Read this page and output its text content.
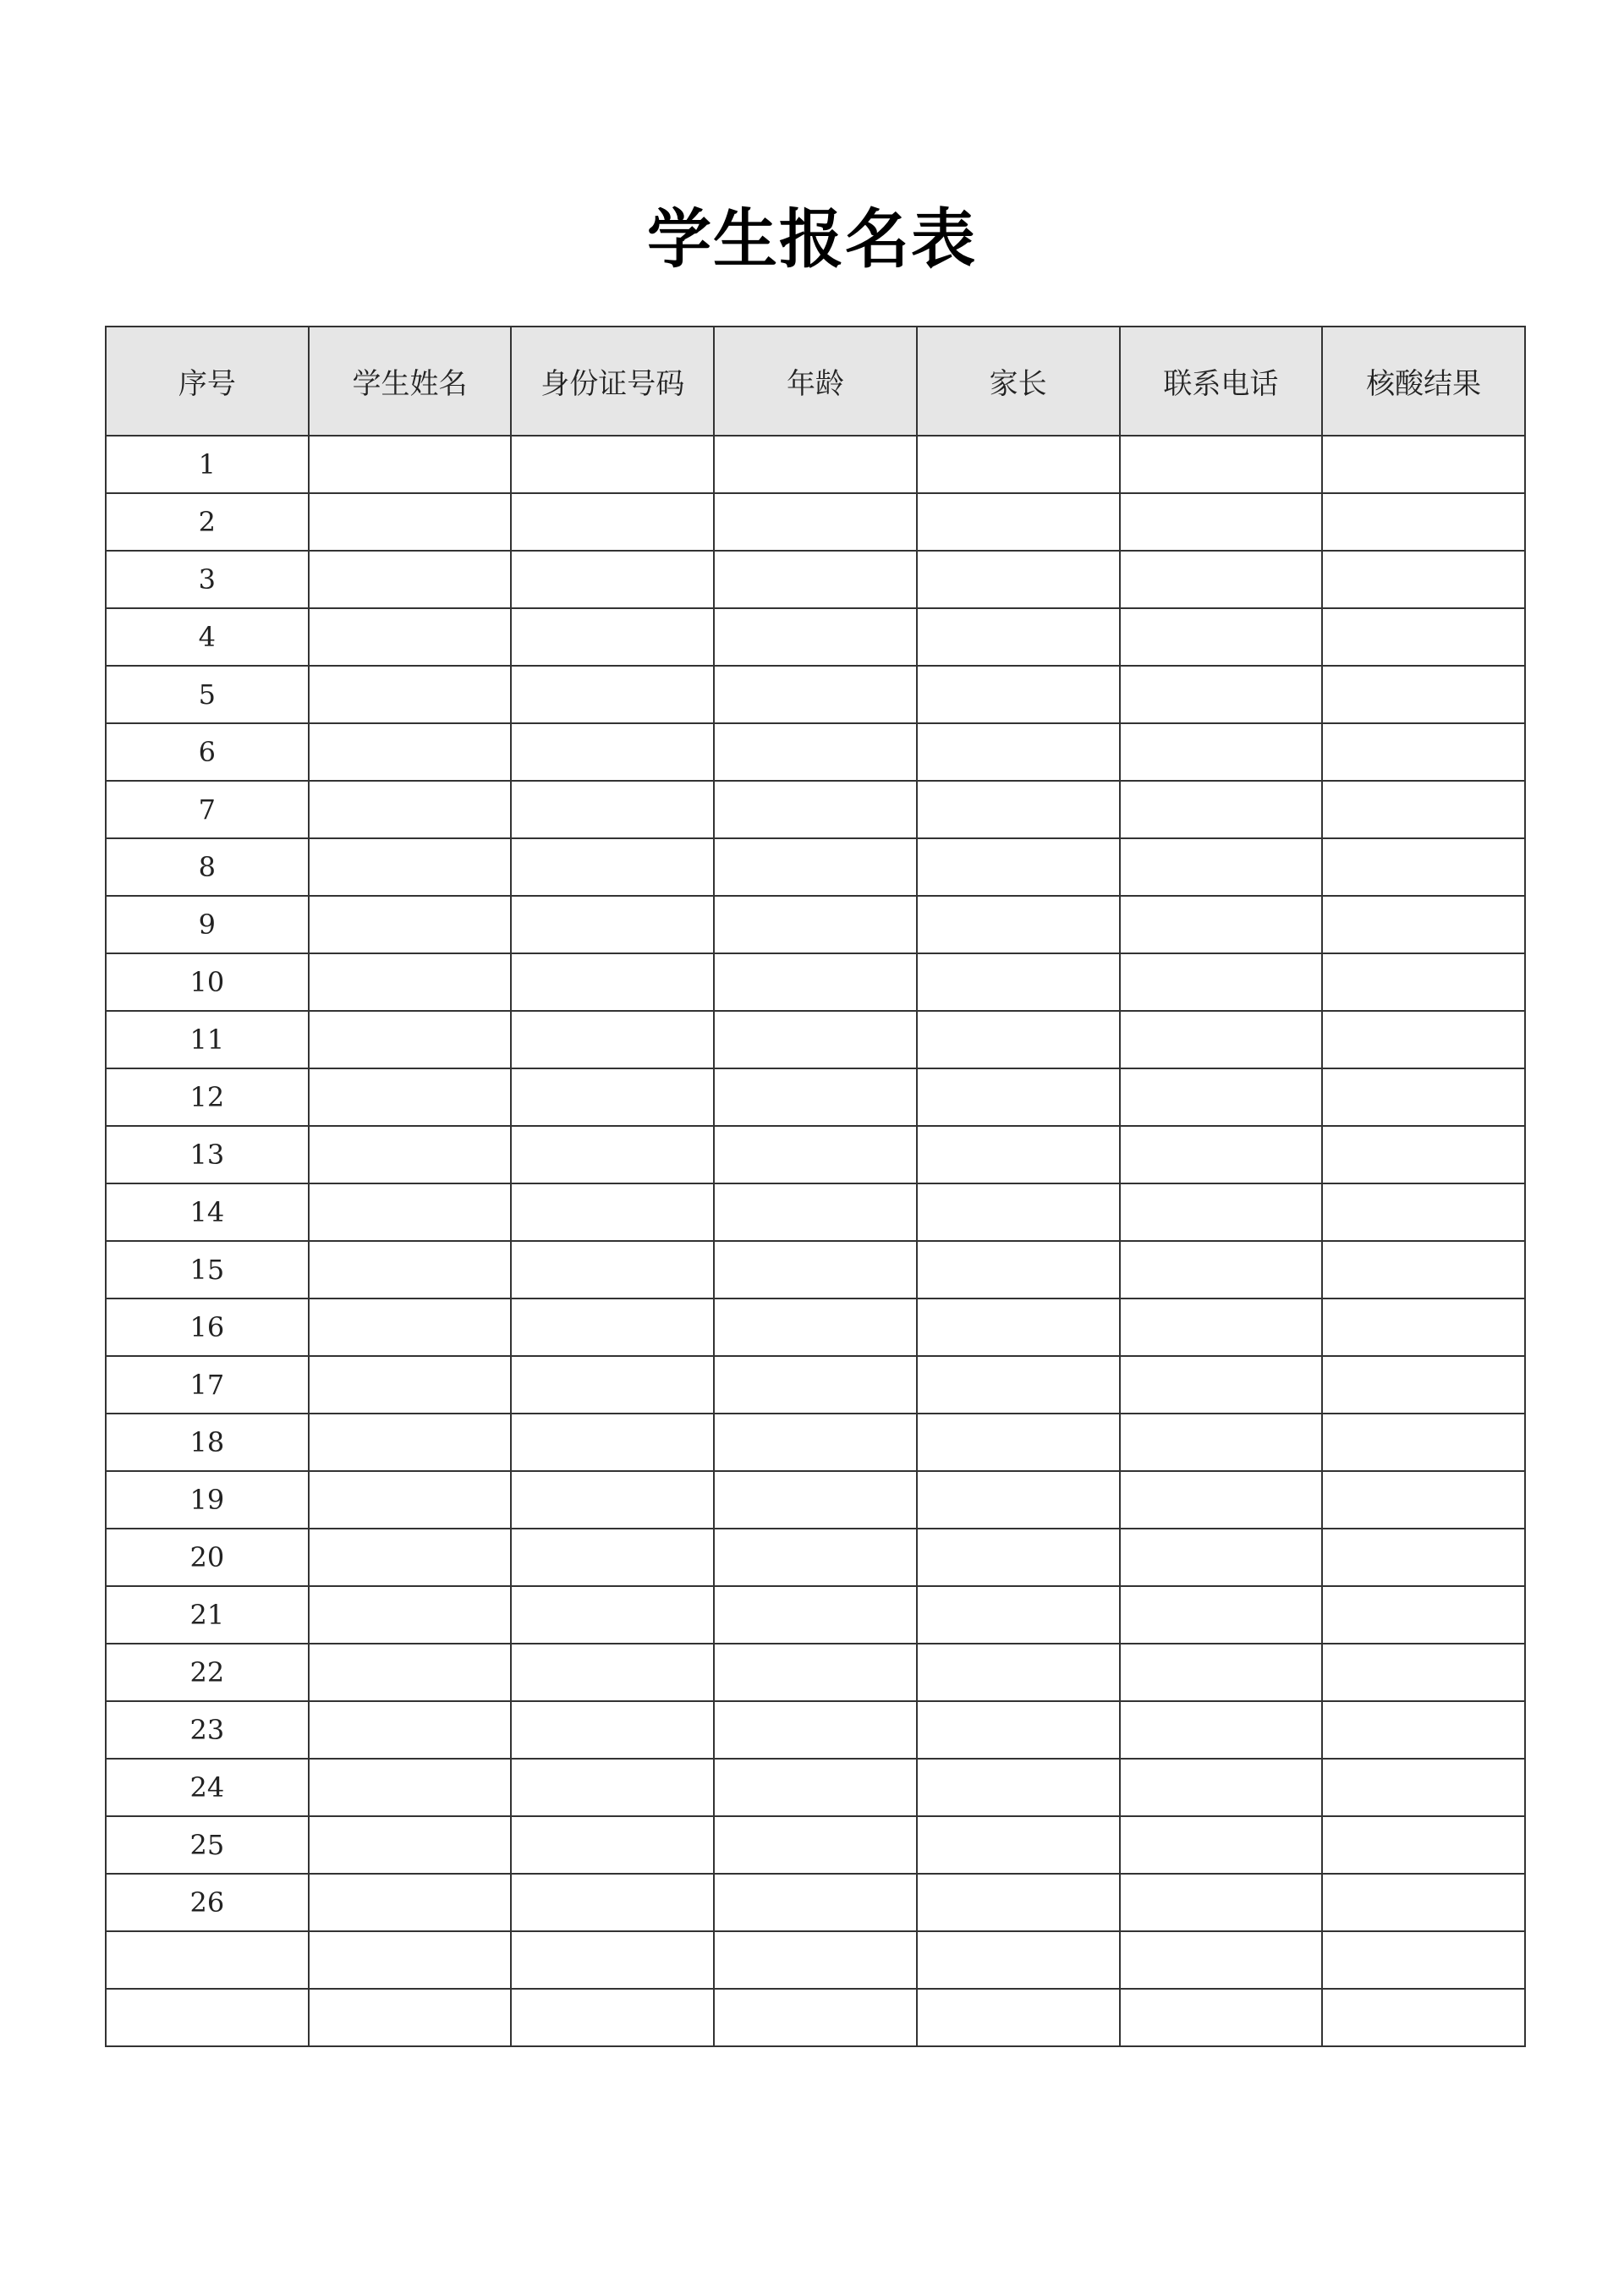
学生报名表
序号	学生姓名	身份证号码	年龄	家长	联系电话	核酸结果
1						
2						
3						
4						
5						
6						
7						
8						
9						
10						
11						
12						
13						
14						
15						
16						
17						
18						
19						
20						
21						
22						
23						
24						
25						
26						
